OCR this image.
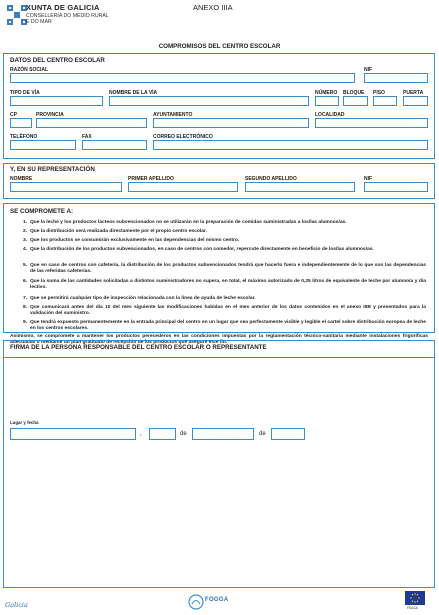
XUNTA DE GALICIA
CONSELLERÍA DO MEDIO RURAL
E DO MAR
ANEXO IIIA
COMPROMISOS DEL CENTRO ESCOLAR
DATOS DEL CENTRO ESCOLAR
RAZÓN SOCIAL	NIF
TIPO DE VÍA	NOMBRE DE LA VÍA	NÚMERO BLOQUE PISO	PUERTA
CP	PROVINCIA	AYUNTAMIENTO	LOCALIDAD
TELÉFONO	FAX	CORREO ELECTRÓNICO
Y, EN SU REPRESENTACIÓN
NOMBRE	PRIMER APELLIDO	SEGUNDO APELLIDO	NIF
SE COMPROMETE A:
1. Que la leche y los productos lácteos subvencionados no se utilizarán en la preparación de comidas suministradas a los/las alumnos/as.
2. Que la distribución será realizada directamente por el propio centro escolar.
3. Que los productos se consumirán exclusivamente en las dependencias del mismo centro.
4. Que la distribución de los productos subvencionados, en caso de centros con comedor, repercute directamente en beneficio de los/las alumnos/as.
5. Que en caso de centros con cafetería, la distribución de los productos subvencionados tendrá que hacerlo fuera e independientemente de lo que son las dependencias de las referidas cafeterías.
6. Que la suma de las cantidades solicitadas a distintos suministradores no supera, en total, el máximo autorizado de 0,25 litros de equivalente de leche por alumno/a y día lectivo.
7. Que se permitirá cualquier tipo de inspección relacionada con la línea de ayuda de leche escolar.
8. Que comunicará antes del día 10 del mes siguiente las modificaciones habidas en el mes anterior de los datos contenidos en el anexo IIIB y presentados para la validación del suministro.
9. Que tendrá expuesto permanentemente en la entrada principal del centro en un lugar que sea perfectamente visible y legible el cartel sobre distribución europea de leche en los centros escolares.
Asimismo, se compromete a mantener los productos perecederos en las condiciones impuestas por la reglamentación técnico-sanitaria mediante instalaciones frigoríficas adecuadas o mediante un plan graduado de recepción de los productos que asegure este fin.
FIRMA DE LA PERSONA RESPONSABLE DEL CENTRO ESCOLAR O REPRESENTANTE
Lugar y fecha
,	de	de
Galicia
FOGGA
FEAGA
